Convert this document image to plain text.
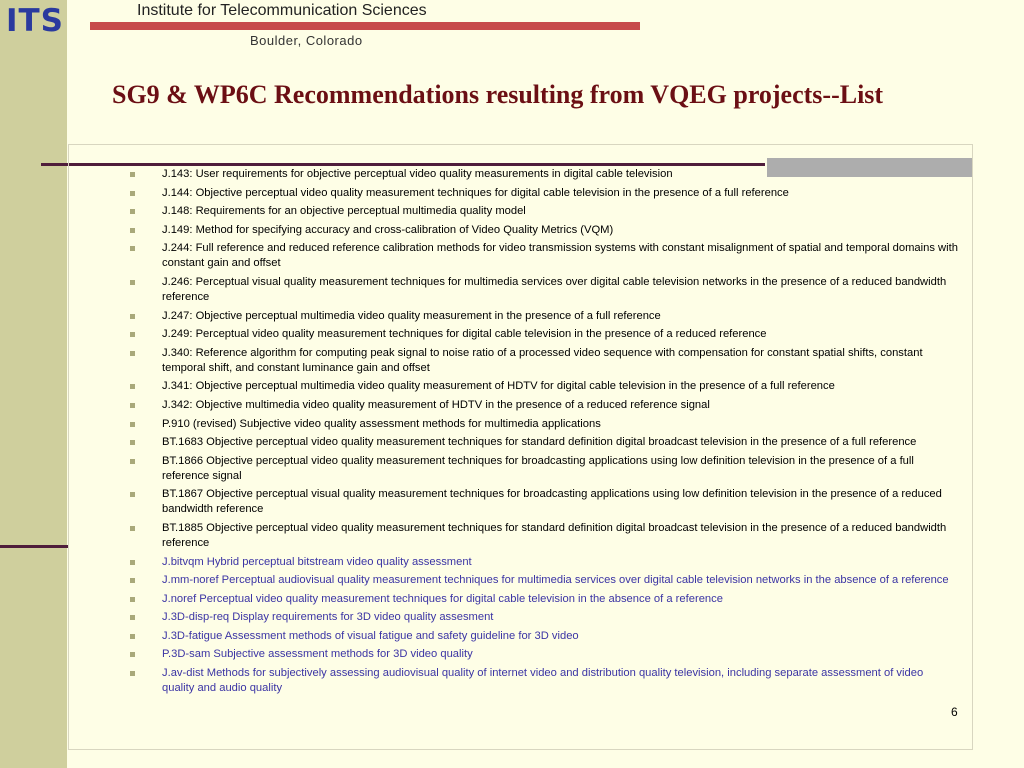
ITS	Institute for Telecommunication Sciences
Boulder, Colorado
SG9 & WP6C Recommendations resulting from VQEG projects--List
J.143: User requirements for objective perceptual video quality measurements in digital cable television
J.144: Objective perceptual video quality measurement techniques for digital cable television in the presence of a full reference
J.148: Requirements for an objective perceptual multimedia quality model
J.149: Method for specifying accuracy and cross-calibration of Video Quality Metrics (VQM)
J.244: Full reference and reduced reference calibration methods for video transmission systems with constant misalignment of spatial and temporal domains with constant gain and offset
J.246: Perceptual visual quality measurement techniques for multimedia services over digital cable television networks in the presence of a reduced bandwidth reference
J.247: Objective perceptual multimedia video quality measurement in the presence of a full reference
J.249: Perceptual video quality measurement techniques for digital cable television in the presence of a reduced reference
J.340: Reference algorithm for computing peak signal to noise ratio of a processed video sequence with compensation for constant spatial shifts, constant temporal shift, and constant luminance gain and offset
J.341: Objective perceptual multimedia video quality measurement of HDTV for digital cable television in the presence of a full reference
J.342: Objective multimedia video quality measurement of HDTV in the presence of a reduced reference signal
P.910 (revised) Subjective video quality assessment methods for multimedia applications
BT.1683 Objective perceptual video quality measurement techniques for standard definition digital broadcast television in the presence of a full reference
BT.1866 Objective perceptual video quality measurement techniques for broadcasting applications using low definition television in the presence of a full reference signal
BT.1867 Objective perceptual visual quality measurement techniques for broadcasting applications using low definition television in the presence of a reduced bandwidth reference
BT.1885 Objective perceptual video quality measurement techniques for standard definition digital broadcast television in the presence of a reduced bandwidth reference
J.bitvqm Hybrid perceptual bitstream video quality assessment
J.mm-noref Perceptual audiovisual quality measurement techniques for multimedia services over digital cable television networks in the absence of a reference
J.noref Perceptual video quality measurement techniques for digital cable television in the absence of a reference
J.3D-disp-req Display requirements for 3D video quality assesment
J.3D-fatigue Assessment methods of visual fatigue and safety guideline for 3D video
P.3D-sam Subjective assessment methods for 3D video quality
J.av-dist Methods for subjectively assessing audiovisual quality of internet video and distribution quality television, including separate assessment of video quality and audio quality
6
